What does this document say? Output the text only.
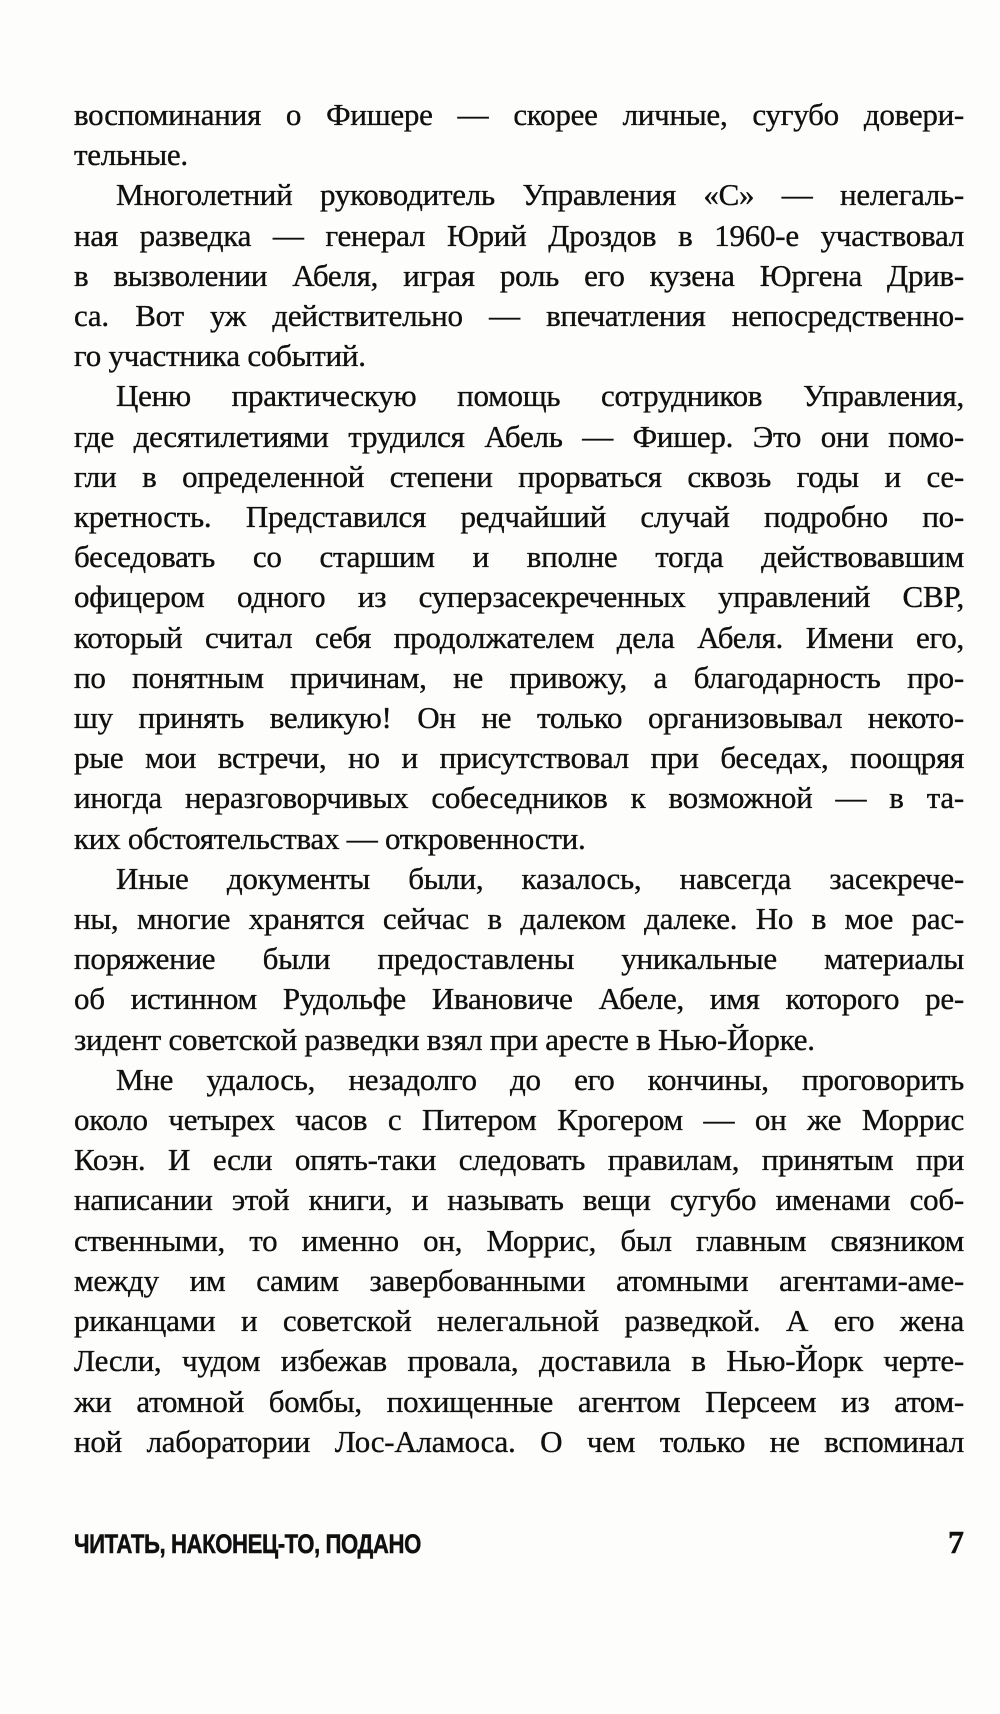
воспоминания о Фишере — скорее личные, сугубо довери-
тельные.
Многолетний руководитель Управления «С» — нелегаль-
ная разведка — генерал Юрий Дроздов в 1960-е участвовал
в вызволении Абеля, играя роль его кузена Юргена Дрив-
са. Вот уж действительно — впечатления непосредственно-
го участника событий.
Ценю практическую помощь сотрудников Управления,
где десятилетиями трудился Абель — Фишер. Это они помо-
гли в определенной степени прорваться сквозь годы и се-
кретность. Представился редчайший случай подробно по-
беседовать со старшим и вполне тогда действовавшим
офицером одного из суперзасекреченных управлений СВР,
который считал себя продолжателем дела Абеля. Имени его,
по понятным причинам, не привожу, а благодарность про-
шу принять великую! Он не только организовывал некото-
рые мои встречи, но и присутствовал при беседах, поощряя
иногда неразговорчивых собеседников к возможной — в та-
ких обстоятельствах — откровенности.
Иные документы были, казалось, навсегда засекрече-
ны, многие хранятся сейчас в далеком далеке. Но в мое рас-
поряжение были предоставлены уникальные материалы
об истинном Рудольфе Ивановиче Абеле, имя которого ре-
зидент советской разведки взял при аресте в Нью-Йорке.
Мне удалось, незадолго до его кончины, проговорить
около четырех часов с Питером Крогером — он же Моррис
Коэн. И если опять-таки следовать правилам, принятым при
написании этой книги, и называть вещи сугубо именами соб-
ственными, то именно он, Моррис, был главным связником
между им самим завербованными атомными агентами-аме-
риканцами и советской нелегальной разведкой. А его жена
Лесли, чудом избежав провала, доставила в Нью-Йорк черте-
жи атомной бомбы, похищенные агентом Персеем из атом-
ной лаборатории Лос-Аламоса. О чем только не вспоминал
ЧИТАТЬ, НАКОНЕЦ-ТО, ПОДАНО	7
